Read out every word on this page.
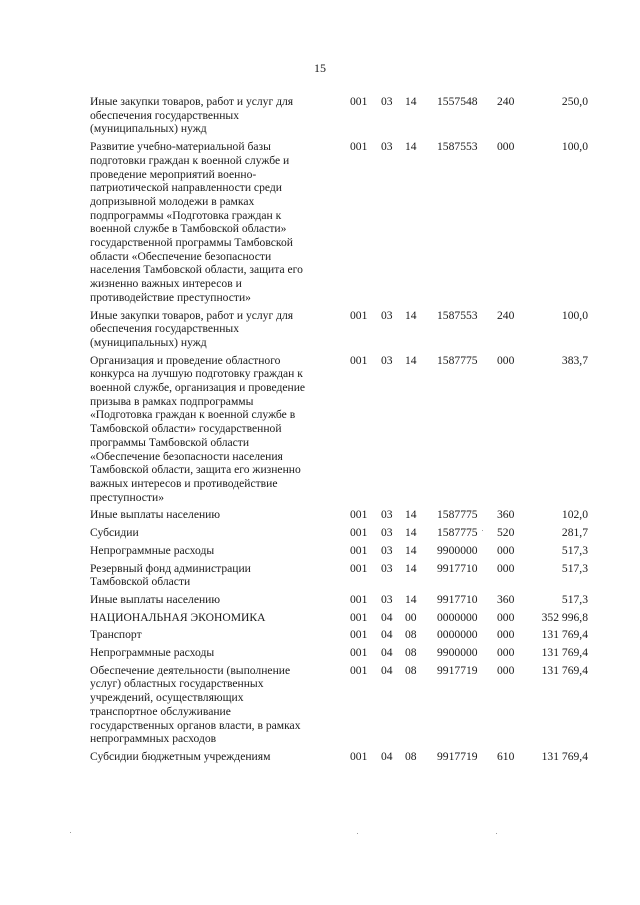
15
Иные закупки товаров, работ и услуг для
обеспечения государственных
(муниципальных) нужд
001	03	14	1557548	240	250,0
Развитие учебно-материальной базы
подготовки граждан к военной службе и
проведение мероприятий военно-
патриотической направленности среди
допризывной молодежи в рамках
подпрограммы «Подготовка граждан к
военной службе в Тамбовской области»
государственной программы Тамбовской
области «Обеспечение безопасности
населения Тамбовской области, защита его
жизненно важных интересов и
противодействие преступности»
001	03	14	1587553	000	100,0
Иные закупки товаров, работ и услуг для
обеспечения государственных
(муниципальных) нужд
001	03	14	1587553	240	100,0
Организация и проведение областного
конкурса на лучшую подготовку граждан к
военной службе, организация и проведение
призыва в рамках подпрограммы
«Подготовка граждан к военной службе в
Тамбовской области» государственной
программы Тамбовской области
«Обеспечение безопасности населения
Тамбовской области, защита его жизненно
важных интересов и противодействие
преступности»
001	03	14	1587775	000	383,7
Иные выплаты населению	001	03	14	1587775	360	102,0
Субсидии	001	03	14	1587775	520	281,7
Непрограммные расходы	001	03	14	9900000	000	517,3
Резервный фонд администрации
Тамбовской области
001	03	14	9917710	000	517,3
Иные выплаты населению	001	03	14	9917710	360	517,3
НАЦИОНАЛЬНАЯ ЭКОНОМИКА	001	04	00	0000000	000	352 996,8
Транспорт	001	04	08	0000000	000	131 769,4
Непрограммные расходы	001	04	08	9900000	000	131 769,4
Обеспечение деятельности (выполнение
услуг) областных государственных
учреждений, осуществляющих
транспортное обслуживание
государственных органов власти, в рамках
непрограммных расходов
001	04	08	9917719	000	131 769,4
Субсидии бюджетным учреждениям	001	04	08	9917719	610	131 769,4
